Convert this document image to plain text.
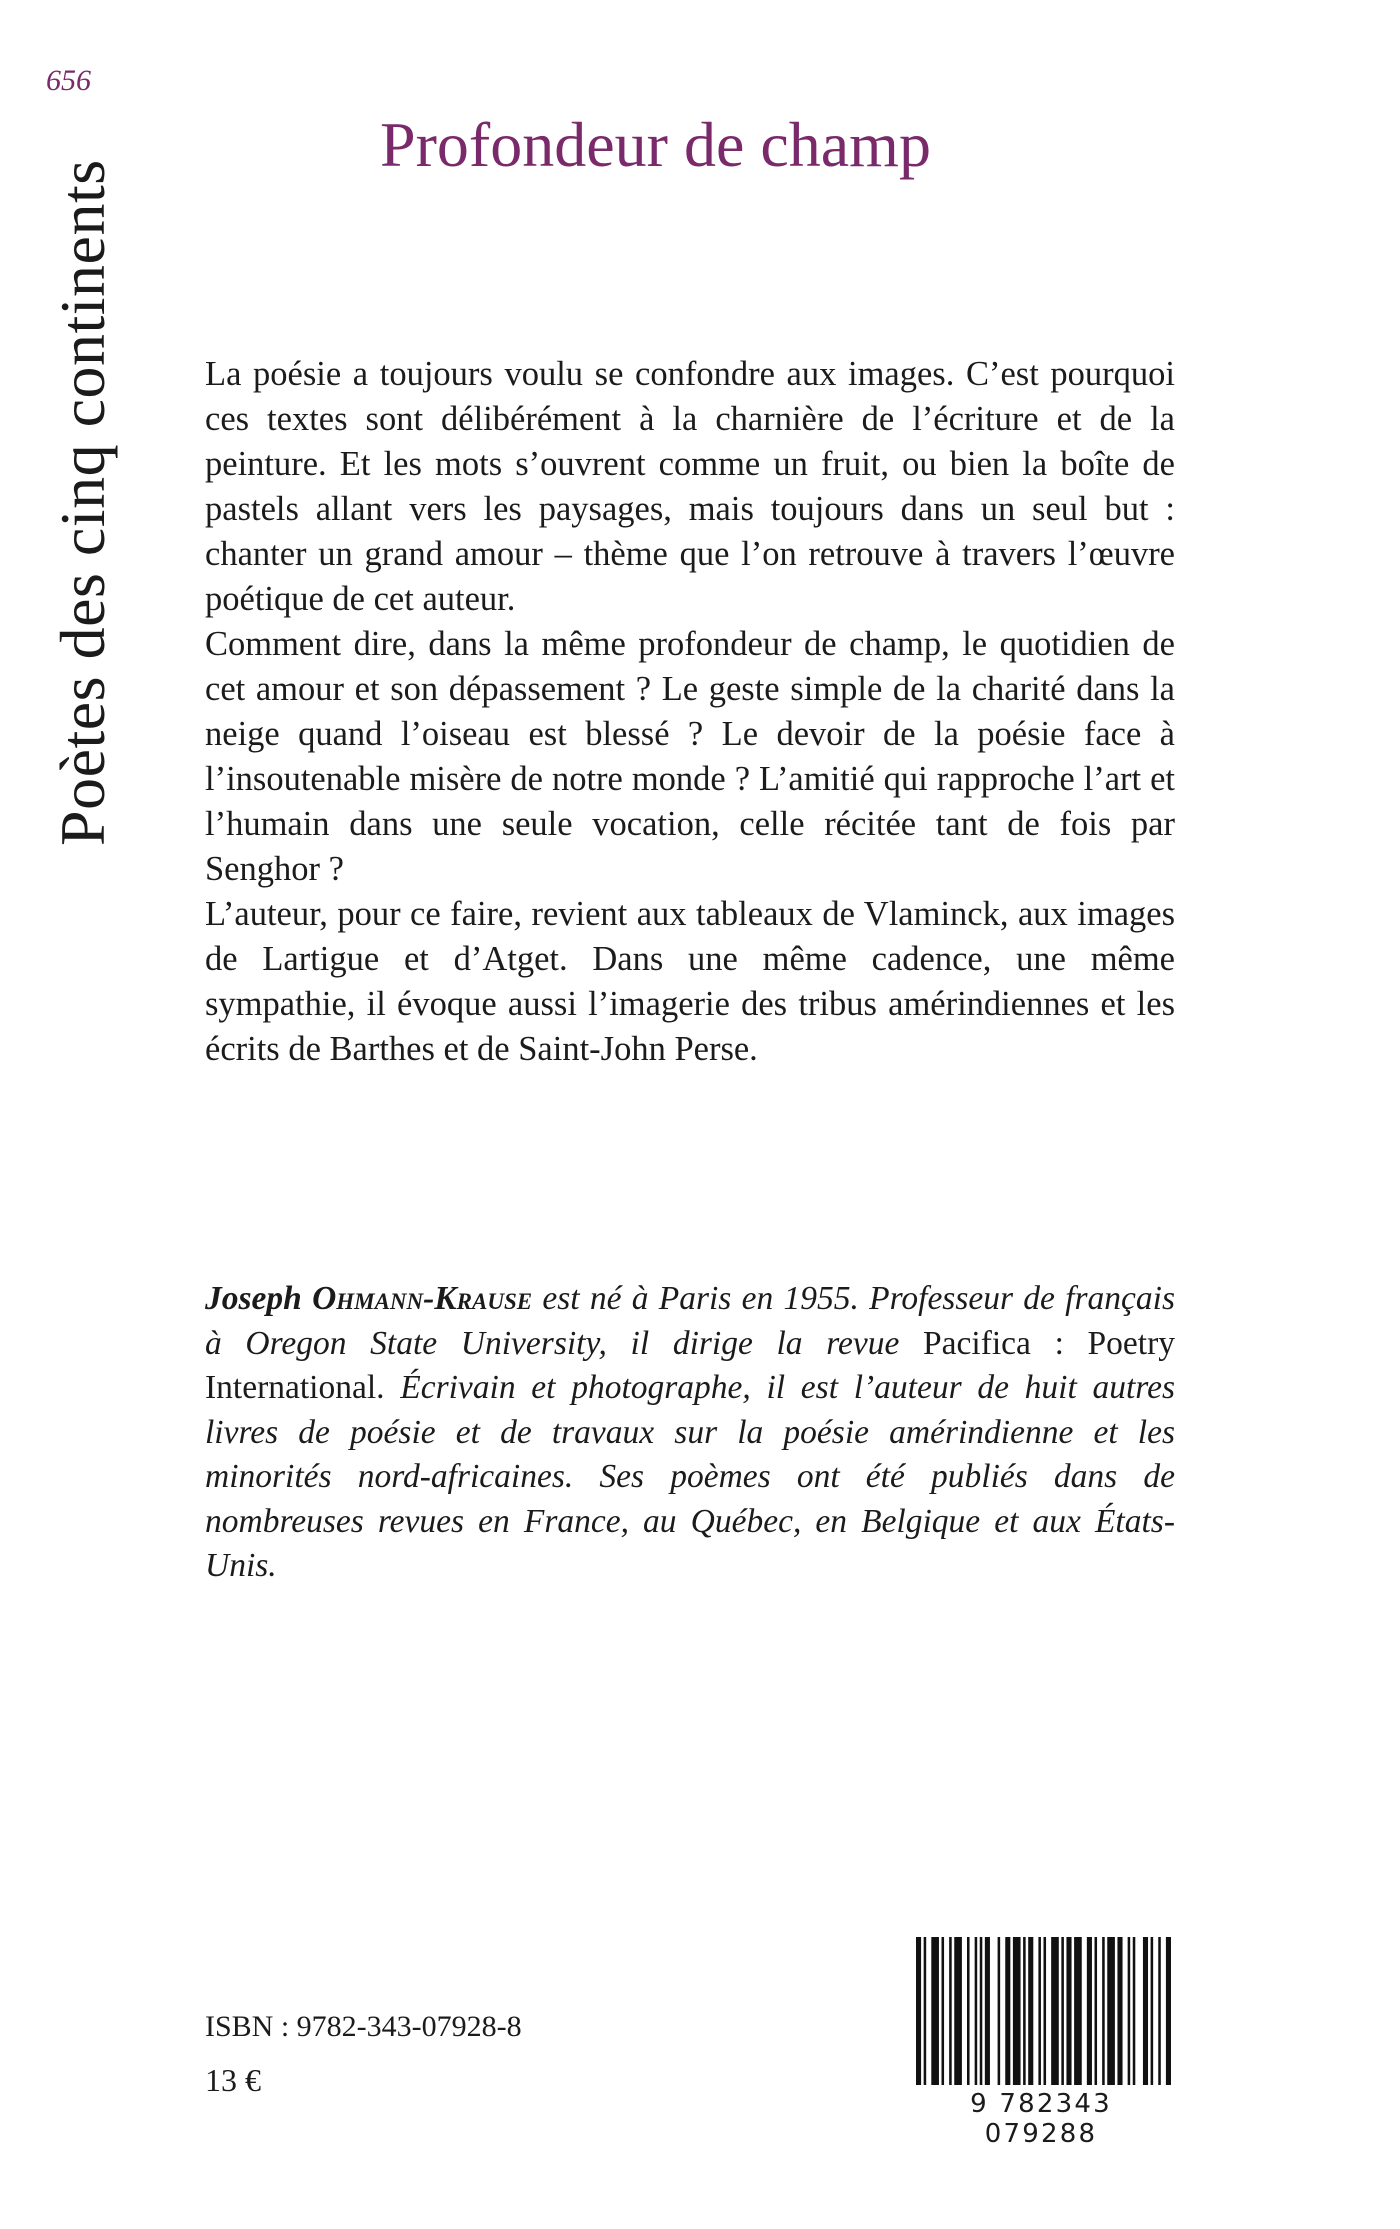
656
Poètes des cinq continents
Profondeur de champ

La poésie a toujours voulu se confondre aux images. C’est pourquoi ces textes sont délibérément à la charnière de l’écriture et de la peinture. Et les mots s’ouvrent comme un fruit, ou bien la boîte de pastels allant vers les paysages, mais toujours dans un seul but : chanter un grand amour – thème que l’on retrouve à travers l’œuvre poétique de cet auteur.

Comment dire, dans la même profondeur de champ, le quotidien de cet amour et son dépassement ? Le geste simple de la charité dans la neige quand l’oiseau est blessé ? Le devoir de la poésie face à l’insoutenable misère de notre monde ? L’amitié qui rapproche l’art et l’humain dans une seule vocation, celle récitée tant de fois par Senghor ?

L’auteur, pour ce faire, revient aux tableaux de Vlaminck, aux images de Lartigue et d’Atget. Dans une même cadence, une même sympathie, il évoque aussi l’imagerie des tribus amérindiennes et les écrits de Barthes et de Saint-John Perse.

Joseph Ohmann-Krause est né à Paris en 1955. Professeur de français à Oregon State University, il dirige la revue Pacifica : Poetry International. Écrivain et photographe, il est l’auteur de huit autres livres de poésie et de travaux sur la poésie amérindienne et les minorités nord-africaines. Ses poèmes ont été publiés dans de nombreuses revues en France, au Québec, en Belgique et aux États-Unis.
ISBN : 9782-343-07928-8
13 €
9 782343 079288
